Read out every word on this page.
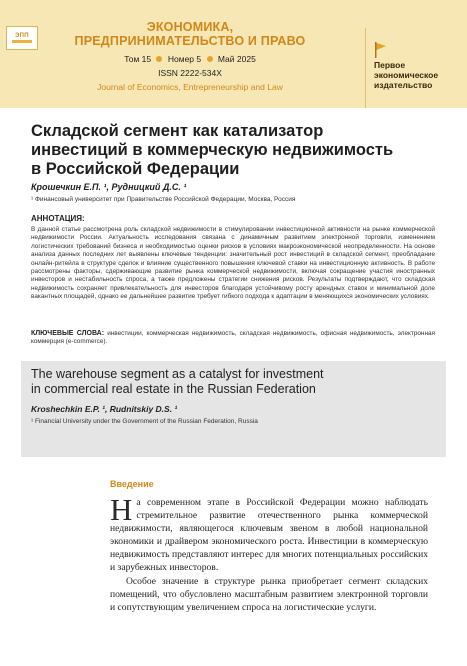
ЭПП
ЭКОНОМИКА,
ПРЕДПРИНИМАТЕЛЬСТВО И ПРАВО
Том 15 Номер 5 Май 2025
ISSN 2222-534X
Journal of Economics, Entrepreneurship and Law
Первое
экономическое
издательство
Складской сегмент как катализатор
инвестиций в коммерческую недвижимость
в Российской Федерации
Крошечкин Е.П. ¹, Рудницкий Д.С. ¹
¹ Финансовый университет при Правительстве Российской Федерации, Москва, Россия
АННОТАЦИЯ:
В данной статье рассмотрена роль складской недвижимости в стимулировании инвестиционной активности на рынке коммерческой недвижимости России. Актуальность исследования связана с динамичным развитием электронной торговли, изменением логистических требований бизнеса и необходимостью оценки рисков в условиях макроэкономической неопределенности. На основе анализа данных последних лет выявлены ключевые тенденции: значительный рост инвестиций в складской сегмент, преобладание онлайн-ритейла в структуре сделок и влияние существенного повышения ключевой ставки на инвестиционную активность. В работе рассмотрены факторы, сдерживающие развитие рынка коммерческой недвижимости, включая сокращение участия иностранных инвесторов и нестабильность спроса, а также предложены стратегии снижения рисков. Результаты подтверждают, что складская недвижимость сохраняет привлекательность для инвесторов благодаря устойчивому росту арендных ставок и минимальной доле вакантных площадей, однако ее дальнейшее развитие требует гибкого подхода к адаптации в меняющихся экономических условиях.
КЛЮЧЕВЫЕ СЛОВА: инвестиции, коммерческая недвижимость, складская недвижимость, офисная недвижимость, электронная коммерция (e-commerce).
The warehouse segment as a catalyst for investment
in commercial real estate in the Russian Federation
Kroshechkin E.P. ¹, Rudnitskiy D.S. ¹
¹ Financial University under the Government of the Russian Federation, Russia
Введение

На современном этапе в Российской Федерации можно наблюдать стремительное развитие отечественного рынка коммерческой недвижимости, являющегося ключевым звеном в любой национальной экономики и драйвером экономического роста. Инвестиции в коммерческую недвижимость представляют интерес для многих потенциальных российских и зарубежных инвесторов.

Особое значение в структуре рынка приобретает сегмент складских помещений, что обусловлено масштабным развитием электронной торговли и сопутствующим увеличением спроса на логистические услуги.
